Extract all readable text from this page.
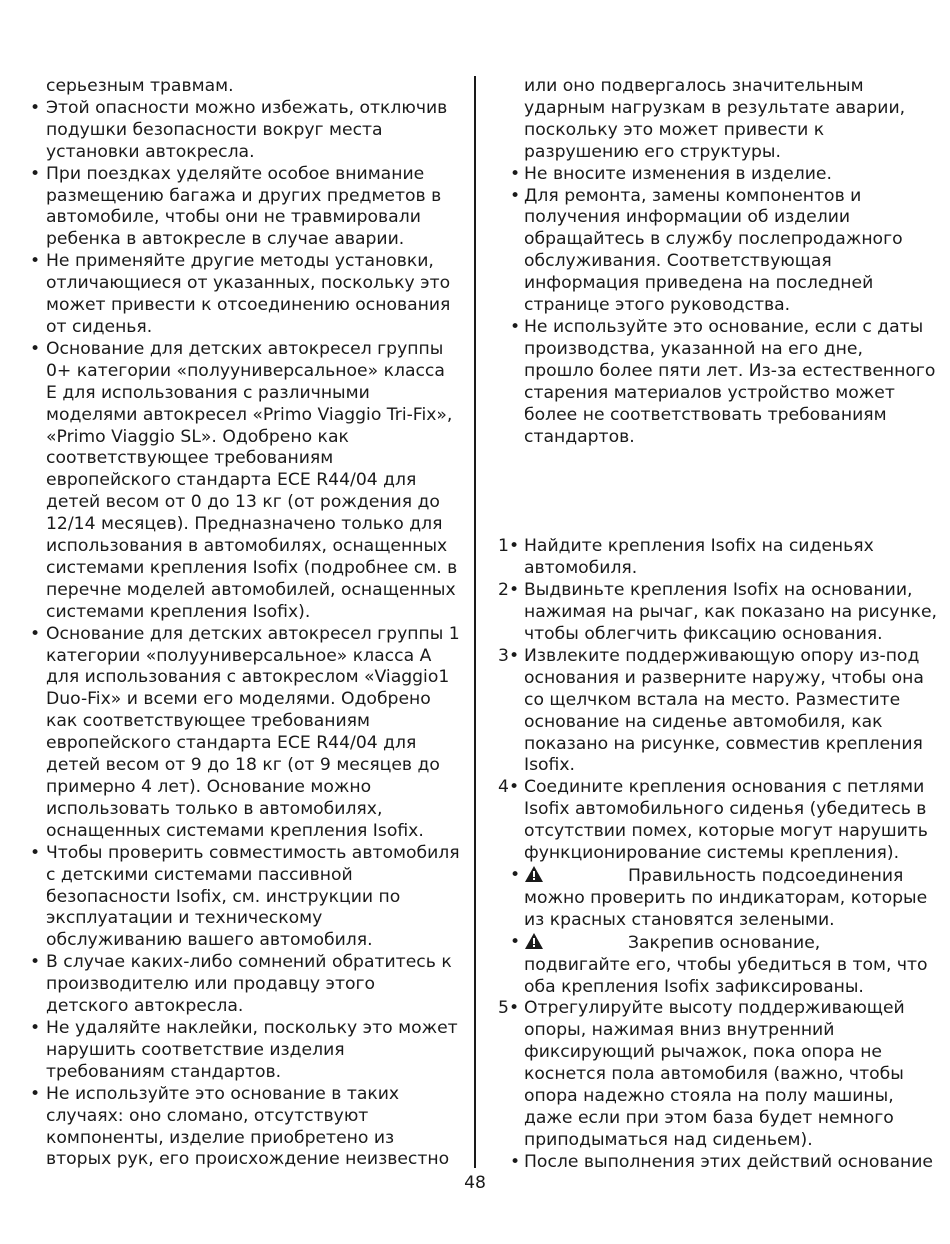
серьезным травмам.

• Этой опасности можно избежать, отключив подушки безопасности вокруг места установки автокресла.

• При поездках уделяйте особое внимание размещению багажа и других предметов в автомобиле, чтобы они не травмировали ребенка в автокресле в случае аварии.

• Не применяйте другие методы установки, отличающиеся от указанных, поскольку это может привести к отсоединению основания от сиденья.

• Основание для детских автокресел группы 0+ категории «полууниверсальное» класса E для использования с различными моделями автокресел «Primo Viaggio Tri-Fix», «Primo Viaggio SL». Одобрено как соответствующее требованиям европейского стандарта ECE R44/04 для детей весом от 0 до 13 кг (от рождения до 12/14 месяцев). Предназначено только для использования в автомобилях, оснащенных системами крепления Isofix (подробнее см. в перечне моделей автомобилей, оснащенных системами крепления Isofix).

• Основание для детских автокресел группы 1 категории «полууниверсальное» класса A для использования с автокреслом «Viaggio1 Duo-Fix» и всеми его моделями. Одобрено как соответствующее требованиям европейского стандарта ECE R44/04 для детей весом от 9 до 18 кг (от 9 месяцев до примерно 4 лет). Основание можно использовать только в автомобилях, оснащенных системами крепления Isofix.

• Чтобы проверить совместимость автомобиля с детскими системами пассивной безопасности Isofix, см. инструкции по эксплуатации и техническому обслуживанию вашего автомобиля.

• В случае каких-либо сомнений обратитесь к производителю или продавцу этого детского автокресла.

• Не удаляйте наклейки, поскольку это может нарушить соответствие изделия требованиям стандартов.

• Не используйте это основание в таких случаях: оно сломано, отсутствуют компоненты, изделие приобретено из вторых рук, его происхождение неизвестно

или оно подвергалось значительным ударным нагрузкам в результате аварии, поскольку это может привести к разрушению его структуры.

• Не вносите изменения в изделие.

• Для ремонта, замены компонентов и получения информации об изделии обращайтесь в службу послепродажного обслуживания. Соответствующая информация приведена на последней странице этого руководства.

• Не используйте это основание, если с даты производства, указанной на его дне, прошло более пяти лет. Из-за естественного старения материалов устройство может более не соответствовать требованиям стандартов.

1• Найдите крепления Isofix на сиденьях автомобиля.

2• Выдвиньте крепления Isofix на основании, нажимая на рычаг, как показано на рисунке, чтобы облегчить фиксацию основания.

3• Извлеките поддерживающую опору из-под основания и разверните наружу, чтобы она со щелчком встала на место. Разместите основание на сиденье автомобиля, как показано на рисунке, совместив крепления Isofix.

4• Соедините крепления основания с петлями Isofix автомобильного сиденья (убедитесь в отсутствии помех, которые могут нарушить функционирование системы крепления).

•	Правильность подсоединения
можно проверить по индикаторам, которые из красных становятся зелеными.

•	Закрепив основание,
подвигайте его, чтобы убедиться в том, что оба крепления Isofix зафиксированы.

5• Отрегулируйте высоту поддерживающей опоры, нажимая вниз внутренний фиксирующий рычажок, пока опора не коснется пола автомобиля (важно, чтобы опора надежно стояла на полу машины, даже если при этом база будет немного приподыматься над сиденьем).

• После выполнения этих действий основание

48
